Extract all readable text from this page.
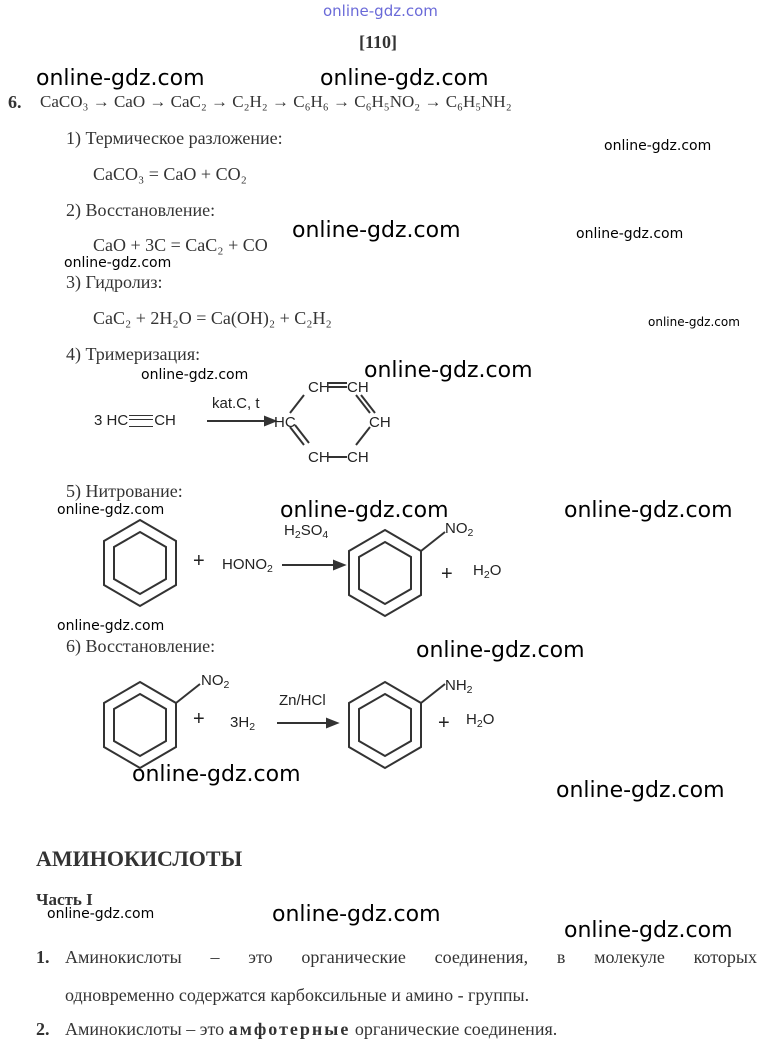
online-gdz.com
[110]
6. CaCO₃ → CaO → CaC₂ → C₂H₂ → C₆H₆ → C₆H₅NO₂ → C₆H₅NH₂
1) Термическое разложение:
CaCO₃ = CaO + CO₂
2) Восстановление:
CaO + 3C = CaC₂ + CO
3) Гидролиз:
CaC₂ + 2H₂O = Ca(OH)₂ + C₂H₂
4) Тримеризация:
3 HC CH
kat.C, t
CH CH
HC	CH
CH CH
5) Нитрование:
+ $HONO_2$
$H_2SO_4$	$NO_2$
+ $H_2O$
6) Восстановление:
$NO_2$
+ $3H_2$
Zn/HCl
$NH_2$
+ $H_2O$
АМИНОКИСЛОТЫ
Часть I
1. Аминокислоты – это органические соединения, в молекуле которых
одновременно содержатся карбоксильные и амино - группы.
2. Аминокислоты – это амфотерные органические соединения.
online-gdz.com	online-gdz.com
online-gdz.com
online-gdz.com	online-gdz.com
online-gdz.com
online-gdz.com
online-gdz.com	online-gdz.com
online-gdz.com	online-gdz.com	online-gdz.com
online-gdz.com
online-gdz.com
online-gdz.com
online-gdz.com
online-gdz.com	online-gdz.com
online-gdz.com
